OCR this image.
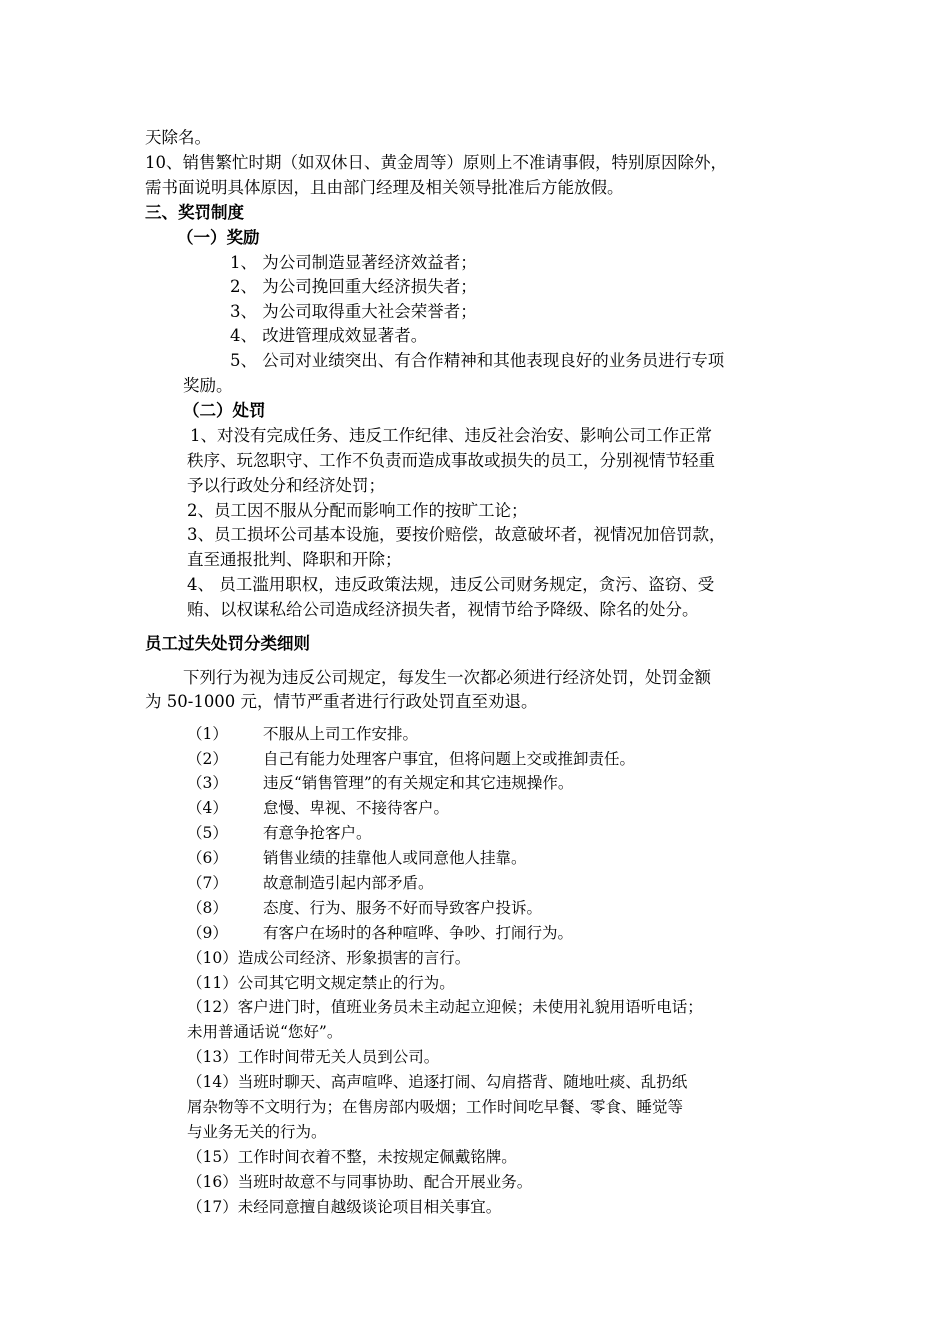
天除名。
10、销售繁忙时期（如双休日、黄金周等）原则上不准请事假，特别原因除外，
需书面说明具体原因，且由部门经理及相关领导批准后方能放假。
三、奖罚制度
（一）奖励
1、 为公司制造显著经济效益者；
2、 为公司挽回重大经济损失者；
3、 为公司取得重大社会荣誉者；
4、 改进管理成效显著者。
5、 公司对业绩突出、有合作精神和其他表现良好的业务员进行专项
奖励。
（二）处罚
1、对没有完成任务、违反工作纪律、违反社会治安、影响公司工作正常
秩序、玩忽职守、工作不负责而造成事故或损失的员工，分别视情节轻重
予以行政处分和经济处罚；
2、员工因不服从分配而影响工作的按旷工论；
3、员工损坏公司基本设施，要按价赔偿，故意破坏者，视情况加倍罚款，
直至通报批判、降职和开除；
4、 员工滥用职权，违反政策法规，违反公司财务规定，贪污、盗窃、受
贿、以权谋私给公司造成经济损失者，视情节给予降级、除名的处分。
员工过失处罚分类细则
下列行为视为违反公司规定，每发生一次都必须进行经济处罚，处罚金额
为 50-1000 元，情节严重者进行行政处罚直至劝退。
（1） 不服从上司工作安排。
（2） 自己有能力处理客户事宜，但将问题上交或推卸责任。
（3） 违反“销售管理”的有关规定和其它违规操作。
（4） 怠慢、卑视、不接待客户。
（5） 有意争抢客户。
（6） 销售业绩的挂靠他人或同意他人挂靠。
（7） 故意制造引起内部矛盾。
（8） 态度、行为、服务不好而导致客户投诉。
（9） 有客户在场时的各种喧哗、争吵、打闹行为。
（10）造成公司经济、形象损害的言行。
（11）公司其它明文规定禁止的行为。
（12）客户进门时，值班业务员未主动起立迎候；未使用礼貌用语听电话；
未用普通话说“您好”。
（13）工作时间带无关人员到公司。
（14）当班时聊天、高声喧哗、追逐打闹、勾肩搭背、随地吐痰、乱扔纸
屑杂物等不文明行为；在售房部内吸烟；工作时间吃早餐、零食、睡觉等
与业务无关的行为。
（15）工作时间衣着不整，未按规定佩戴铭牌。
（16）当班时故意不与同事协助、配合开展业务。
（17）未经同意擅自越级谈论项目相关事宜。
